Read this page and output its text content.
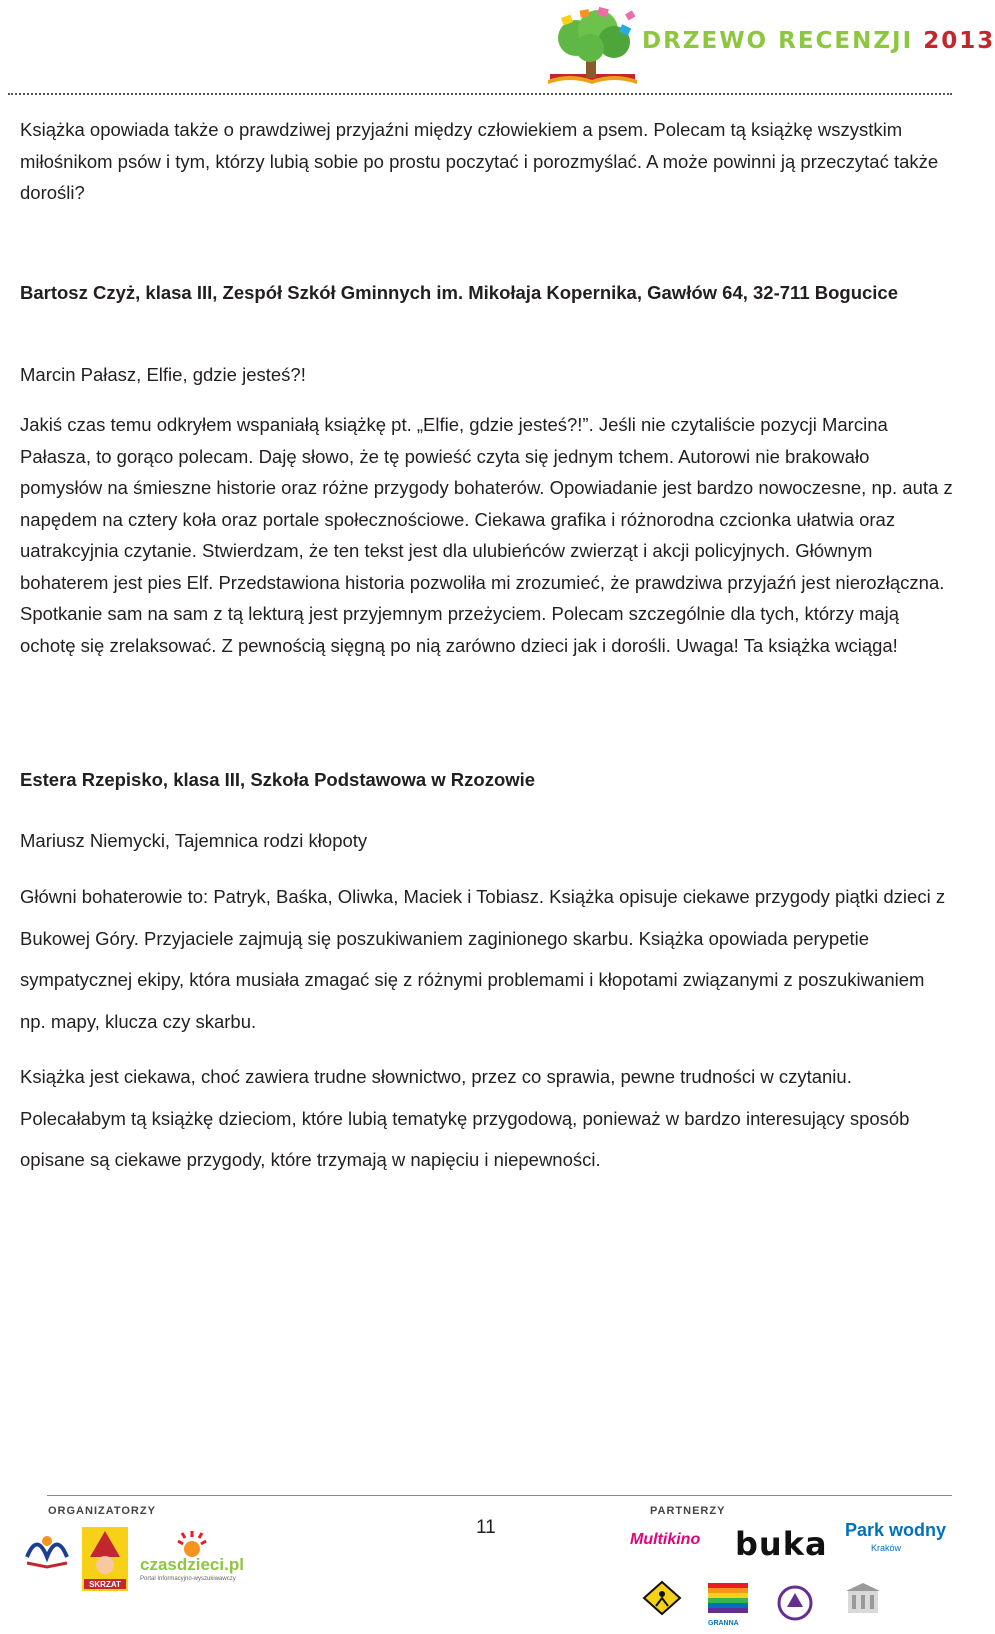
DRZEWO RECENZJI 2013

Książka opowiada także o prawdziwej przyjaźni między człowiekiem a psem. Polecam tą książkę wszystkim miłośnikom psów i tym, którzy lubią sobie po prostu poczytać i porozmyślać. A może powinni ją przeczytać także dorośli?

Bartosz Czyż, klasa III, Zespół Szkół Gminnych im. Mikołaja Kopernika, Gawłów 64, 32-711 Bogucice

Marcin Pałasz, Elfie, gdzie jesteś?!

Jakiś czas temu odkryłem wspaniałą książkę pt. „Elfie, gdzie jesteś?!”. Jeśli nie czytaliście pozycji Marcina Pałasza, to gorąco polecam. Daję słowo, że tę powieść czyta się jednym tchem. Autorowi nie brakowało pomysłów na śmieszne historie oraz różne przygody bohaterów. Opowiadanie jest bardzo nowoczesne, np. auta z napędem na cztery koła oraz portale społecznościowe. Ciekawa grafika i różnorodna czcionka ułatwia oraz uatrakcyjnia czytanie. Stwierdzam, że ten tekst jest dla ulubieńców zwierząt i akcji policyjnych. Głównym bohaterem jest pies Elf. Przedstawiona historia pozwoliła mi zrozumieć, że prawdziwa przyjaźń jest nierozłączna. Spotkanie sam na sam z tą lekturą jest przyjemnym przeżyciem. Polecam szczególnie dla tych, którzy mają ochotę się zrelaksować. Z pewnością sięgną po nią zarówno dzieci jak i dorośli. Uwaga! Ta książka wciąga!

Estera Rzepisko, klasa III, Szkoła Podstawowa w Rzozowie

Mariusz Niemycki, Tajemnica rodzi kłopoty

Główni bohaterowie to: Patryk, Baśka, Oliwka, Maciek i Tobiasz. Książka opisuje ciekawe przygody piątki dzieci z Bukowej Góry. Przyjaciele zajmują się poszukiwaniem zaginionego skarbu. Książka opowiada perypetie sympatycznej ekipy, która musiała zmagać się z różnymi problemami i kłopotami związanymi z poszukiwaniem np. mapy, klucza czy skarbu.

Książka jest ciekawa, choć zawiera trudne słownictwo, przez co sprawia, pewne trudności w czytaniu. Polecałabym tą książkę dzieciom, które lubią tematykę przygodową, ponieważ w bardzo interesujący sposób opisane są ciekawe przygody, które trzymają w napięciu i niepewności.

ORGANIZATORZY	PARTNERZY
11
SKRZAT
czasdzieci.pl
Portal Informacyjno-wyszukiwawczy
Multikino	buka Park wodny
Kraków
GRANNA
